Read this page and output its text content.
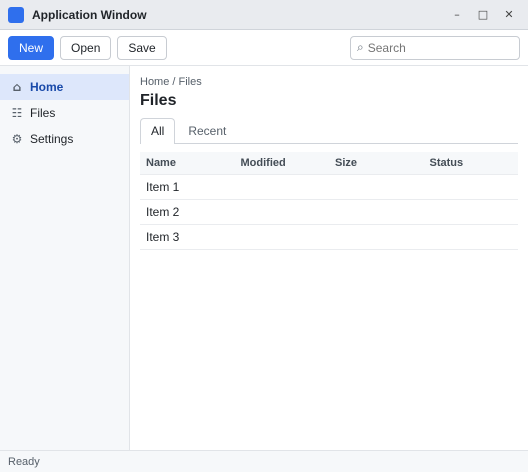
Application Window	–	□	✕
New	Open	Save	⌕
Search
⌂ Home
☷ Files
⚙ Settings
Home / Files
Files
All	Recent
Name	Modified	Size	Status
Item 1			
Item 2			
Item 3			
Ready
